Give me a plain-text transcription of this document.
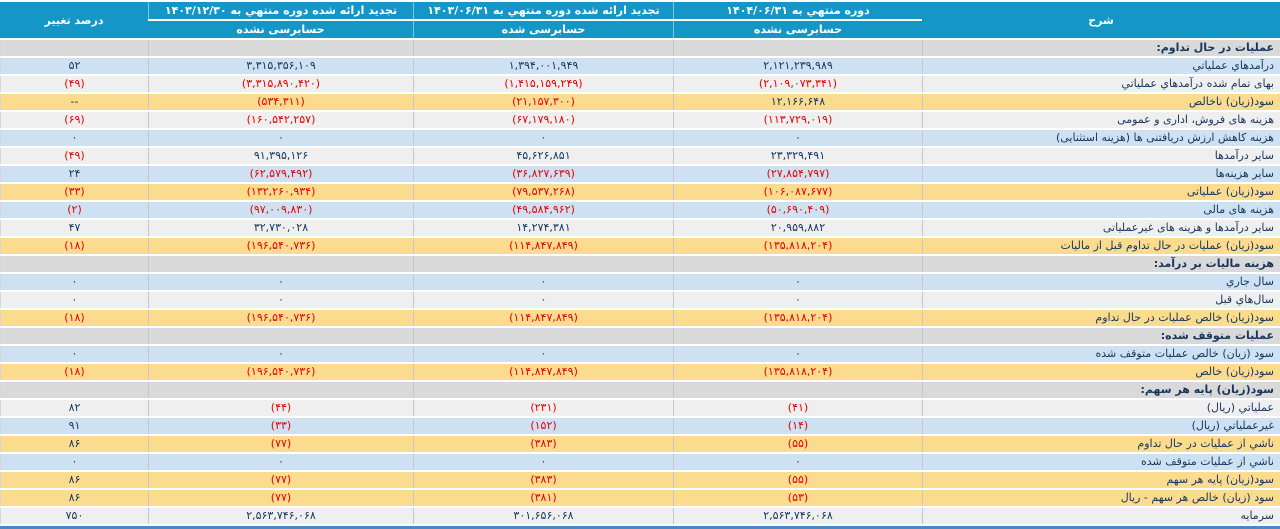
شرح	دوره منتهي به ۱۴۰۴/۰۶/۳۱	تجدید ارائه شده دوره منتهي به ۱۴۰۳/۰۶/۳۱	تجدید ارائه شده دوره منتهي به ۱۴۰۳/۱۲/۳۰	درصد تغییر
	حسابرسی نشده	حسابرسی شده	حسابرسی نشده	
عملیات در حال تداوم:				
درآمدهاي عملياتي	۲,۱۲۱,۲۳۹,۹۸۹	۱,۳۹۴,۰۰۱,۹۴۹	۳,۳۱۵,۳۵۶,۱۰۹	۵۲
بهای تمام شده درآمدهاي عملياتي	(۲,۱۰۹,۰۷۳,۳۴۱)	(۱,۴۱۵,۱۵۹,۲۴۹)	(۳,۳۱۵,۸۹۰,۴۲۰)	(۴۹)
سود(زیان) ناخالص	۱۲,۱۶۶,۶۴۸	(۲۱,۱۵۷,۳۰۰)	(۵۳۴,۳۱۱)	--
هزینه های فروش، اداری و عمومی	(۱۱۳,۷۲۹,۰۱۹)	(۶۷,۱۷۹,۱۸۰)	(۱۶۰,۵۴۲,۲۵۷)	(۶۹)
هزینه کاهش ارزش دریافتنی ها (هزینه استثنایی)	۰	۰	۰	۰
سایر درآمدها	۲۳,۳۲۹,۴۹۱	۴۵,۶۲۶,۸۵۱	۹۱,۳۹۵,۱۲۶	(۴۹)
سایر هزینه‌ها	(۲۷,۸۵۴,۷۹۷)	(۳۶,۸۲۷,۶۳۹)	(۶۲,۵۷۹,۴۹۲)	۲۴
سود(زیان) عملیاتی	(۱۰۶,۰۸۷,۶۷۷)	(۷۹,۵۳۷,۲۶۸)	(۱۳۲,۲۶۰,۹۳۴)	(۳۳)
هزینه های مالی	(۵۰,۶۹۰,۴۰۹)	(۴۹,۵۸۴,۹۶۲)	(۹۷,۰۰۹,۸۳۰)	(۲)
سایر درآمدها و هزینه های غیرعملیاتی	۲۰,۹۵۹,۸۸۲	۱۴,۲۷۴,۳۸۱	۳۲,۷۳۰,۰۲۸	۴۷
سود(زیان) عملیات در حال تداوم قبل از مالیات	(۱۳۵,۸۱۸,۲۰۴)	(۱۱۴,۸۴۷,۸۴۹)	(۱۹۶,۵۴۰,۷۳۶)	(۱۸)
هزینه مالیات بر درآمد:				
سال جاري	۰	۰	۰	۰
سال‌هاي قبل	۰	۰	۰	۰
سود(زیان) خالص عملیات در حال تداوم	(۱۳۵,۸۱۸,۲۰۴)	(۱۱۴,۸۴۷,۸۴۹)	(۱۹۶,۵۴۰,۷۳۶)	(۱۸)
عملیات متوقف شده:				
سود (زیان) خالص عملیات متوقف شده	۰	۰	۰	۰
سود(زیان) خالص	(۱۳۵,۸۱۸,۲۰۴)	(۱۱۴,۸۴۷,۸۴۹)	(۱۹۶,۵۴۰,۷۳۶)	(۱۸)
سود(زیان) پایه هر سهم:				
عملياتي (ريال)	(۴۱)	(۲۳۱)	(۴۴)	۸۲
غیرعملیاتي (ریال)	(۱۴)	(۱۵۲)	(۳۳)	۹۱
ناشي از عملیات در حال تداوم	(۵۵)	(۳۸۳)	(۷۷)	۸۶
ناشي از عملیات متوقف شده	۰	۰	۰	۰
سود(زیان) پایه هر سهم	(۵۵)	(۳۸۳)	(۷۷)	۸۶
سود (زیان) خالص هر سهم - ریال	(۵۳)	(۳۸۱)	(۷۷)	۸۶
سرمایه	۲,۵۶۳,۷۴۶,۰۶۸	۳۰۱,۶۵۶,۰۶۸	۲,۵۶۳,۷۴۶,۰۶۸	۷۵۰
